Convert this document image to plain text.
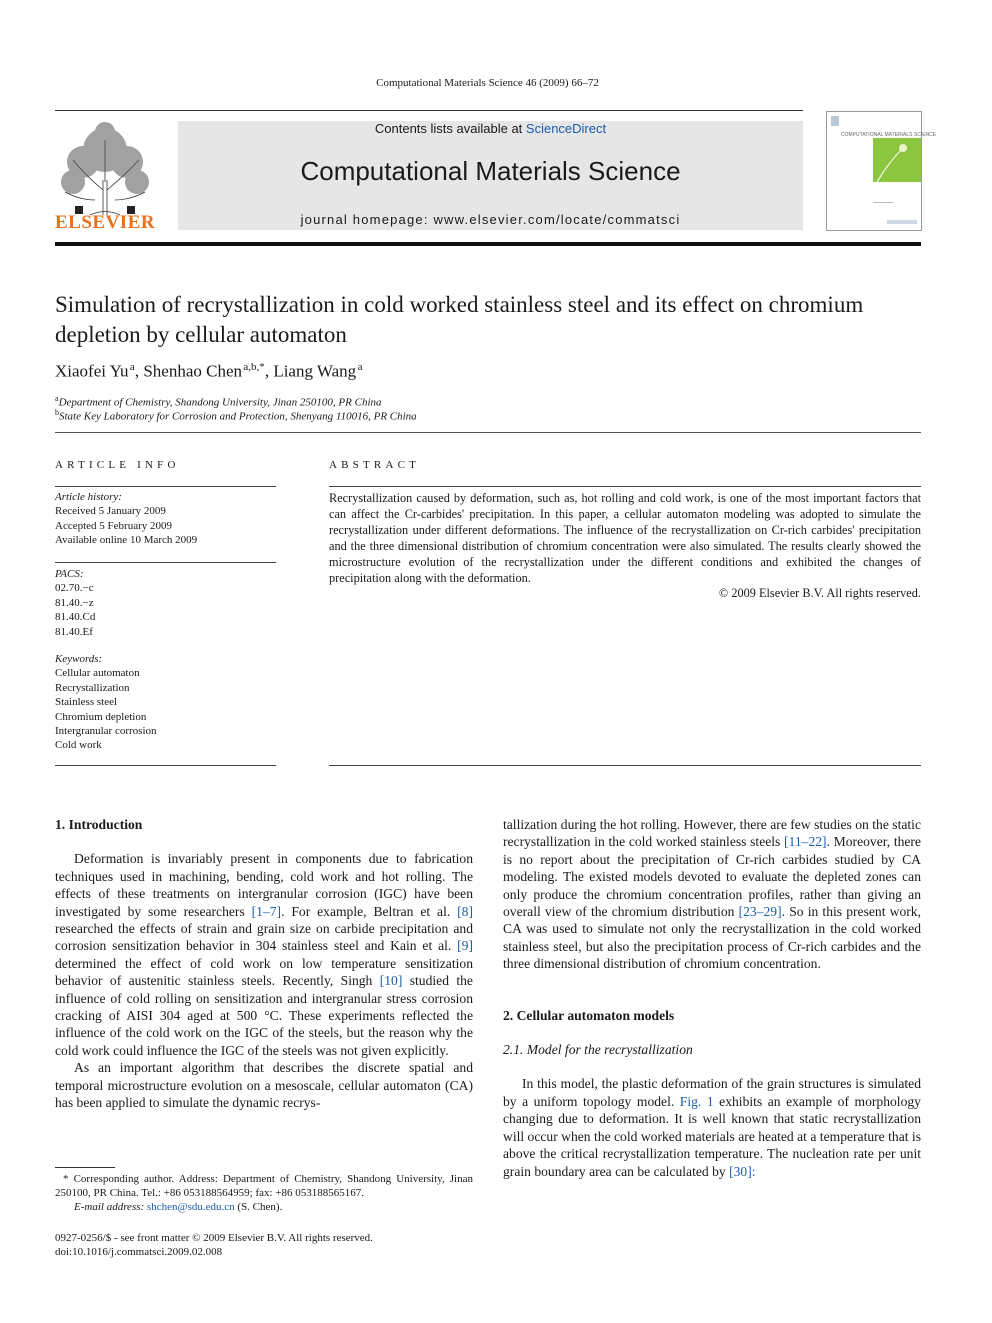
Computational Materials Science 46 (2009) 66–72
ELSEVIER
Contents lists available at ScienceDirect
Computational Materials Science
journal homepage: www.elsevier.com/locate/commatsci
COMPUTATIONAL MATERIALS SCIENCE
Simulation of recrystallization in cold worked stainless steel and its effect on chromium depletion by cellular automaton
Xiaofei Yu $^a$, Shenhao Chen $^{a,b,*}$, Liang Wang $^a$
$^a$Department of Chemistry, Shandong University, Jinan 250100, PR China
$^b$State Key Laboratory for Corrosion and Protection, Shenyang 110016, PR China
ARTICLE INFO
Article history:
Received 5 January 2009
Accepted 5 February 2009
Available online 10 March 2009
PACS:
02.70.−c
81.40.−z
81.40.Cd
81.40.Ef
Keywords:
Cellular automaton
Recrystallization
Stainless steel
Chromium depletion
Intergranular corrosion
Cold work
ABSTRACT
Recrystallization caused by deformation, such as, hot rolling and cold work, is one of the most important factors that can affect the Cr-carbides' precipitation. In this paper, a cellular automaton modeling was adopted to simulate the recrystallization under different deformations. The influence of the recrystallization on Cr-rich carbides' precipitation and the three dimensional distribution of chromium concentration were also simulated. The results clearly showed the microstructure evolution of the recrystallization under the different conditions and exhibited the changes of precipitation along with the deformation.
© 2009 Elsevier B.V. All rights reserved.
1. Introduction

Deformation is invariably present in components due to fabrication techniques used in machining, bending, cold work and hot rolling. The effects of these treatments on intergranular corrosion (IGC) have been investigated by some researchers [1–7]. For example, Beltran et al. [8] researched the effects of strain and grain size on carbide precipitation and corrosion sensitization behavior in 304 stainless steel and Kain et al. [9] determined the effect of cold work on low temperature sensitization behavior of austenitic stainless steels. Recently, Singh [10] studied the influence of cold rolling on sensitization and intergranular stress corrosion cracking of AISI 304 aged at 500 °C. These experiments reflected the influence of the cold work on the IGC of the steels, but the reason why the cold work could influence the IGC of the steels was not given explicitly.

As an important algorithm that describes the discrete spatial and temporal microstructure evolution on a mesoscale, cellular automaton (CA) has been applied to simulate the dynamic recrys-

tallization during the hot rolling. However, there are few studies on the static recrystallization in the cold worked stainless steels [11–22]. Moreover, there is no report about the precipitation of Cr-rich carbides studied by CA modeling. The existed models devoted to evaluate the depleted zones can only produce the chromium concentration profiles, rather than giving an overall view of the chromium distribution [23–29]. So in this present work, CA was used to simulate not only the recrystallization in the cold worked stainless steel, but also the precipitation process of Cr-rich carbides and the three dimensional distribution of chromium concentration.

2. Cellular automaton models
2.1. Model for the recrystallization

In this model, the plastic deformation of the grain structures is simulated by a uniform topology model. Fig. 1 exhibits an example of morphology changing due to deformation. It is well known that static recrystallization will occur when the cold worked materials are heated at a temperature that is above the critical recrystallization temperature. The nucleation rate per unit grain boundary area can be calculated by [30]:

* Corresponding author. Address: Department of Chemistry, Shandong University, Jinan 250100, PR China. Tel.: +86 053188564959; fax: +86 053188565167.
E-mail address: shchen@sdu.edu.cn (S. Chen).
0927-0256/$ - see front matter © 2009 Elsevier B.V. All rights reserved.
doi:10.1016/j.commatsci.2009.02.008
